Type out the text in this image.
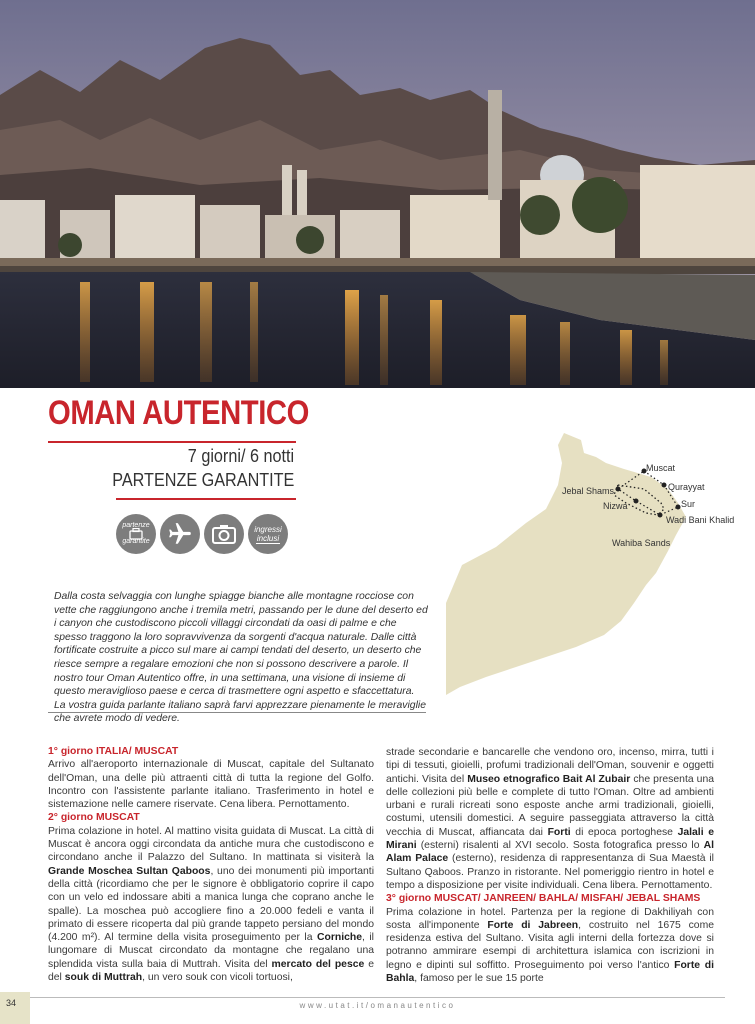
OMAN AUTENTICO
7 giorni/ 6 notti
PARTENZE GARANTITE
partenze

garantite
ingressi
inclusi
Dalla costa selvaggia con lunghe spiagge bianche alle montagne rocciose con vette che raggiungono anche i tremila metri, passando per le dune del deserto ed i canyon che custodiscono piccoli villaggi circondati da oasi di palme e che spesso traggono la loro sopravvivenza da sorgenti d'acqua naturale. Dalle città fortificate costruite a picco sul mare ai campi tendati del deserto, un deserto che riesce sempre a regalare emozioni che non si possono descrivere a parole. Il nostro tour Oman Autentico offre, in una settimana, una visione di insieme di questo meraviglioso paese e cerca di trasmettere ogni aspetto e sfaccettatura. La vostra guida parlante italiano saprà farvi apprezzare pienamente le meraviglie che avrete modo di vedere.
Muscat
Qurayyat
Jebal Shams
Sur
Nizwa
Wadi Bani Khalid
Wahiba Sands
1° giorno ITALIA/ MUSCAT
Arrivo all'aeroporto internazionale di Muscat, capitale del Sultanato dell'Oman, una delle più attraenti città di tutta la regione del Golfo. Incontro con l'assistente parlante italiano. Trasferimento in hotel e sistemazione nelle camere riservate. Cena libera. Pernottamento.
2° giorno MUSCAT
Prima colazione in hotel. Al mattino visita guidata di Muscat. La città di Muscat è ancora oggi circondata da antiche mura che custodiscono e circondano anche il Palazzo del Sultano. In mattinata si visiterà la Grande Moschea Sultan Qaboos, uno dei monumenti più importanti della città (ricordiamo che per le signore è obbligatorio coprire il capo con un velo ed indossare abiti a manica lunga che coprano anche le spalle). La moschea può accogliere fino a 20.000 fedeli e vanta il primato di essere ricoperta dal più grande tappeto persiano del mondo (4.200 m²). Al termine della visita proseguimento per la Corniche, il lungomare di Muscat circondato da montagne che regalano una splendida vista sulla baia di Muttrah. Visita del mercato del pesce e del souk di Muttrah, un vero souk con vicoli tortuosi,
strade secondarie e bancarelle che vendono oro, incenso, mirra, tutti i tipi di tessuti, gioielli, profumi tradizionali dell'Oman, souvenir e oggetti antichi. Visita del Museo etnografico Bait Al Zubair che presenta una delle collezioni più belle e complete di tutto l'Oman. Oltre ad ambienti urbani e rurali ricreati sono esposte anche armi tradizionali, gioielli, costumi, utensili domestici. A seguire passeggiata attraverso la città vecchia di Muscat, affiancata dai Forti di epoca portoghese Jalali e Mirani (esterni) risalenti al XVI secolo. Sosta fotografica presso lo Al Alam Palace (esterno), residenza di rappresentanza di Sua Maestà il Sultano Qaboos. Pranzo in ristorante. Nel pomeriggio rientro in hotel e tempo a disposizione per visite individuali. Cena libera. Pernottamento.
3° giorno MUSCAT/ JANREEN/ BAHLA/ MISFAH/ JEBAL SHAMS
Prima colazione in hotel. Partenza per la regione di Dakhiliyah con sosta all'imponente Forte di Jabreen, costruito nel 1675 come residenza estiva del Sultano. Visita agli interni della fortezza dove si potranno ammirare esempi di architettura islamica con iscrizioni in legno e dipinti sul soffitto. Proseguimento poi verso l'antico Forte di Bahla, famoso per le sue 15 porte
34	www.utat.it/omanautentico
